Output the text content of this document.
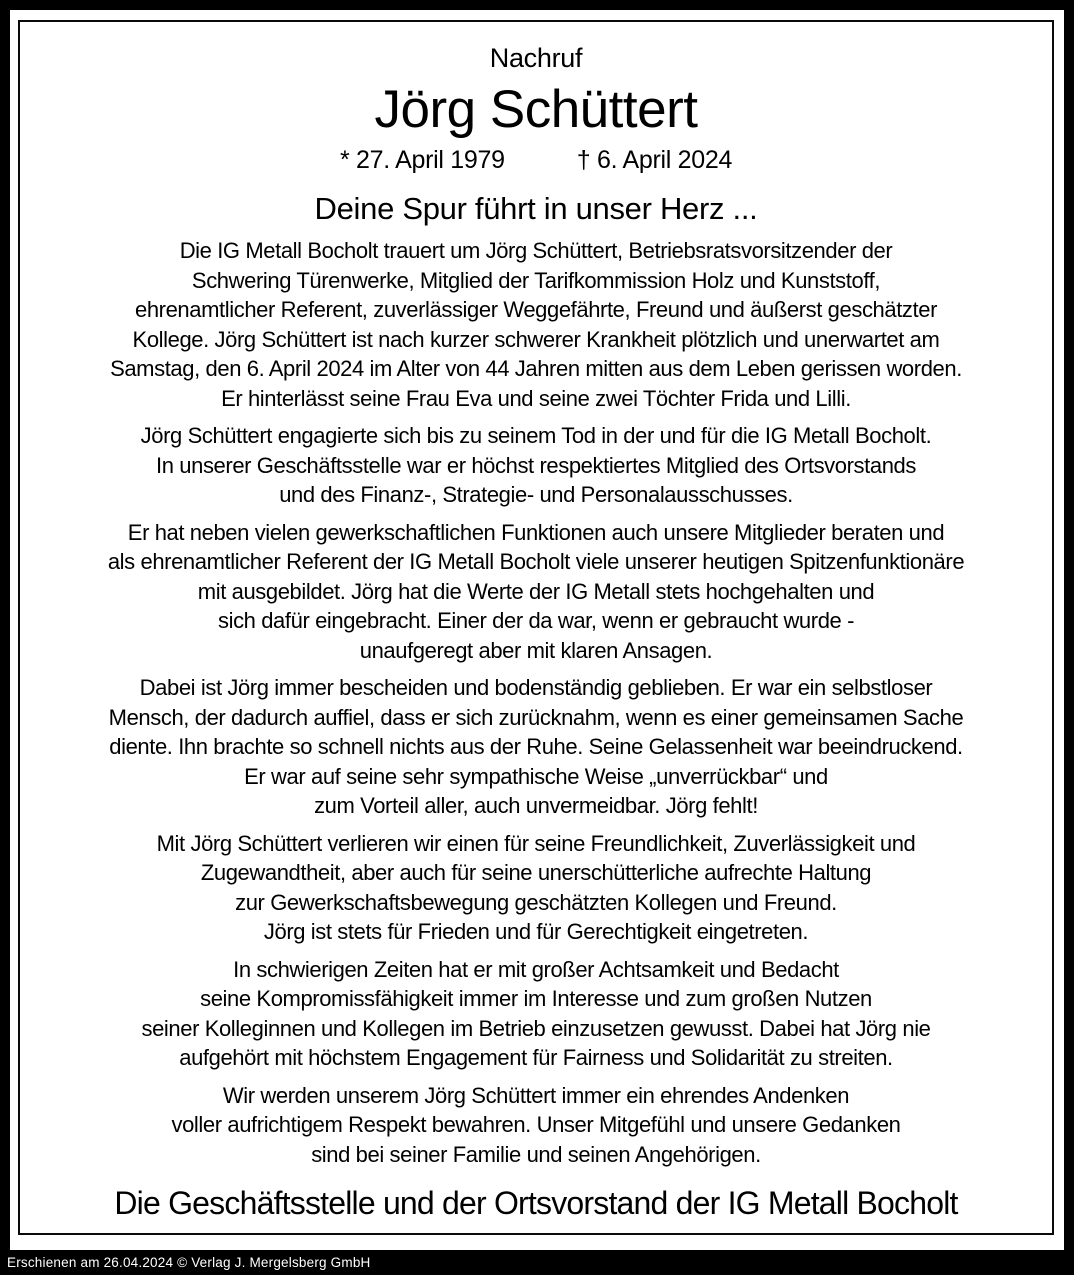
Nachruf
Jörg Schüttert
* 27. April 1979	† 6. April 2024
Deine Spur führt in unser Herz ...

Die IG Metall Bocholt trauert um Jörg Schüttert, Betriebsratsvorsitzender der
Schwering Türenwerke, Mitglied der Tarifkommission Holz und Kunststoff,
ehrenamtlicher Referent, zuverlässiger Weggefährte, Freund und äußerst geschätzter
Kollege. Jörg Schüttert ist nach kurzer schwerer Krankheit plötzlich und unerwartet am
Samstag, den 6. April 2024 im Alter von 44 Jahren mitten aus dem Leben gerissen worden.
Er hinterlässt seine Frau Eva und seine zwei Töchter Frida und Lilli.

Jörg Schüttert engagierte sich bis zu seinem Tod in der und für die IG Metall Bocholt.
In unserer Geschäftsstelle war er höchst respektiertes Mitglied des Ortsvorstands
und des Finanz-, Strategie- und Personalausschusses.

Er hat neben vielen gewerkschaftlichen Funktionen auch unsere Mitglieder beraten und
als ehrenamtlicher Referent der IG Metall Bocholt viele unserer heutigen Spitzenfunktionäre
mit ausgebildet. Jörg hat die Werte der IG Metall stets hochgehalten und
sich dafür eingebracht. Einer der da war, wenn er gebraucht wurde -
unaufgeregt aber mit klaren Ansagen.

Dabei ist Jörg immer bescheiden und bodenständig geblieben. Er war ein selbstloser
Mensch, der dadurch auffiel, dass er sich zurücknahm, wenn es einer gemeinsamen Sache
diente. Ihn brachte so schnell nichts aus der Ruhe. Seine Gelassenheit war beeindruckend.
Er war auf seine sehr sympathische Weise „unverrückbar“ und
zum Vorteil aller, auch unvermeidbar. Jörg fehlt!

Mit Jörg Schüttert verlieren wir einen für seine Freundlichkeit, Zuverlässigkeit und
Zugewandtheit, aber auch für seine unerschütterliche aufrechte Haltung
zur Gewerkschaftsbewegung geschätzten Kollegen und Freund.
Jörg ist stets für Frieden und für Gerechtigkeit eingetreten.

In schwierigen Zeiten hat er mit großer Achtsamkeit und Bedacht
seine Kompromissfähigkeit immer im Interesse und zum großen Nutzen
seiner Kolleginnen und Kollegen im Betrieb einzusetzen gewusst. Dabei hat Jörg nie
aufgehört mit höchstem Engagement für Fairness und Solidarität zu streiten.

Wir werden unserem Jörg Schüttert immer ein ehrendes Andenken
voller aufrichtigem Respekt bewahren. Unser Mitgefühl und unsere Gedanken
sind bei seiner Familie und seinen Angehörigen.

Die Geschäftsstelle und der Ortsvorstand der IG Metall Bocholt
Erschienen am 26.04.2024 © Verlag J. Mergelsberg GmbH
